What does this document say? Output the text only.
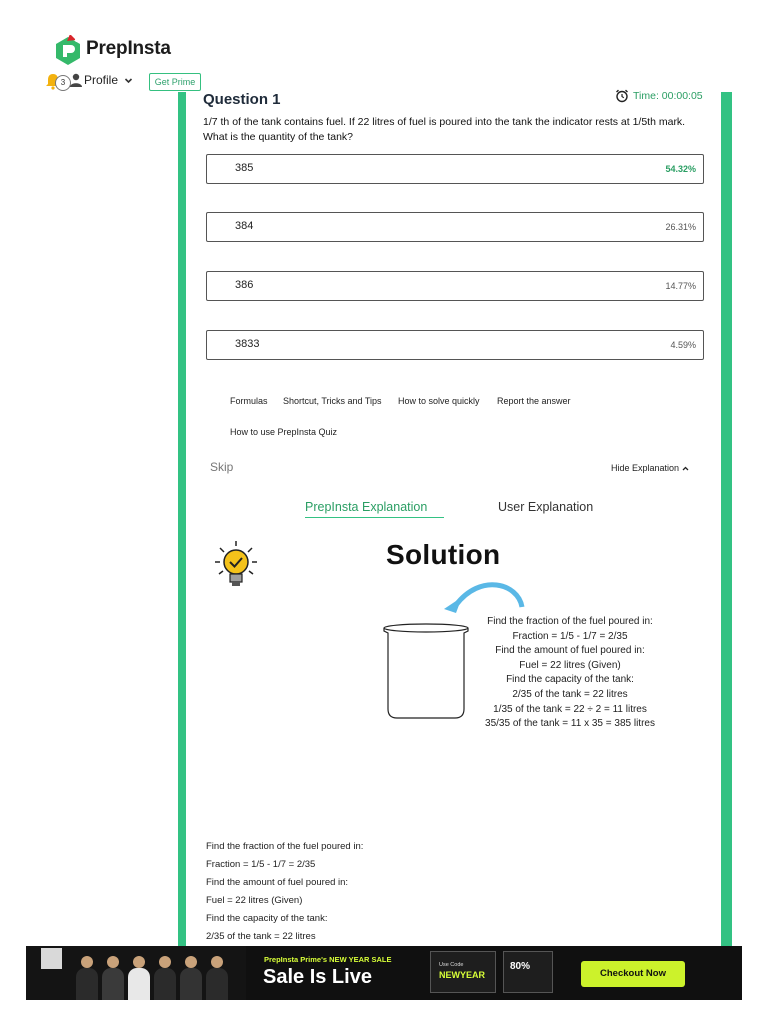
PrepInsta
3	Profile	Get Prime
Question 1	Time: 00:00:05
1/7 th of the tank contains fuel. If 22 litres of fuel is poured into the tank the indicator rests at 1/5th mark. What is the quantity of the tank?
385	54.32%
384	26.31%
386	14.77%
3833	4.59%
Formulas Shortcut, Tricks and Tips How to solve quickly Report the answer
How to use PrepInsta Quiz
Skip	Hide Explanation
PrepInsta Explanation	User Explanation
Solution
Find the fraction of the fuel poured in:
Fraction = 1/5 - 1/7 = 2/35
Find the amount of fuel poured in:
Fuel = 22 litres (Given)
Find the capacity of the tank:
2/35 of the tank = 22 litres
1/35 of the tank = 22 ÷ 2 = 11 litres
35/35 of the tank = 11 x 35 = 385 litres
Find the fraction of the fuel poured in:
Fraction = 1/5 - 1/7 = 2/35
Find the amount of fuel poured in:
Fuel = 22 litres (Given)
Find the capacity of the tank:
2/35 of the tank = 22 litres
PrepInsta Prime's NEW YEAR SALE
Sale Is Live
Use Code
NEWYEAR
80%
Checkout Now
